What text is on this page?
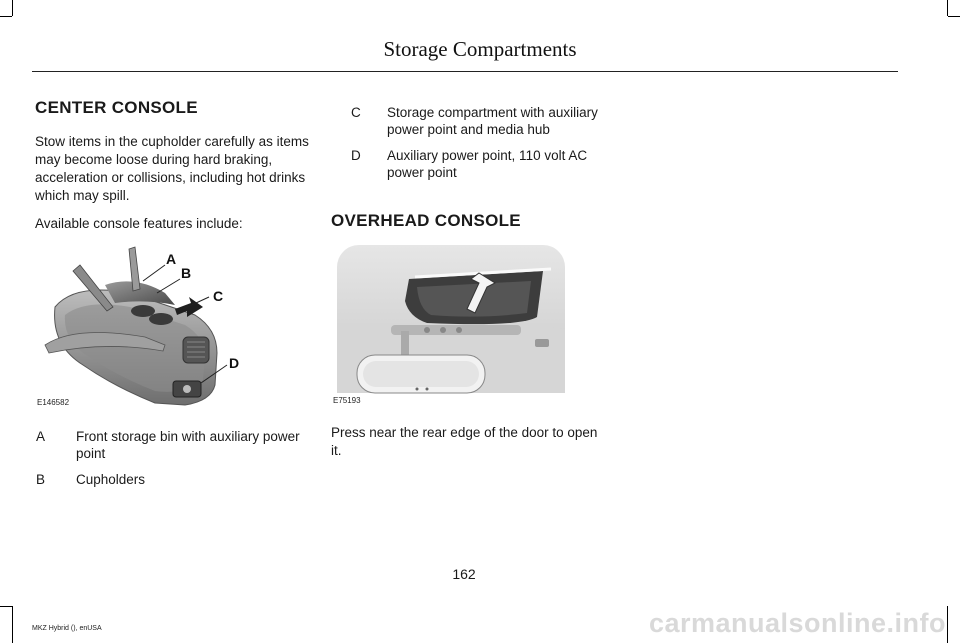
Storage Compartments
CENTER CONSOLE

Stow items in the cupholder carefully as items may become loose during hard braking, acceleration or collisions, including hot drinks which may spill.

Available console features include:

A
B
C
D
E146582
A	Front storage bin with auxiliary power point
B	Cupholders
C	Storage compartment with auxiliary power point and media hub
D	Auxiliary power point, 110 volt AC power point
OVERHEAD CONSOLE
E75193

Press near the rear edge of the door to open it.

162
MKZ Hybrid (), enUSA	carmanualsonline.info
